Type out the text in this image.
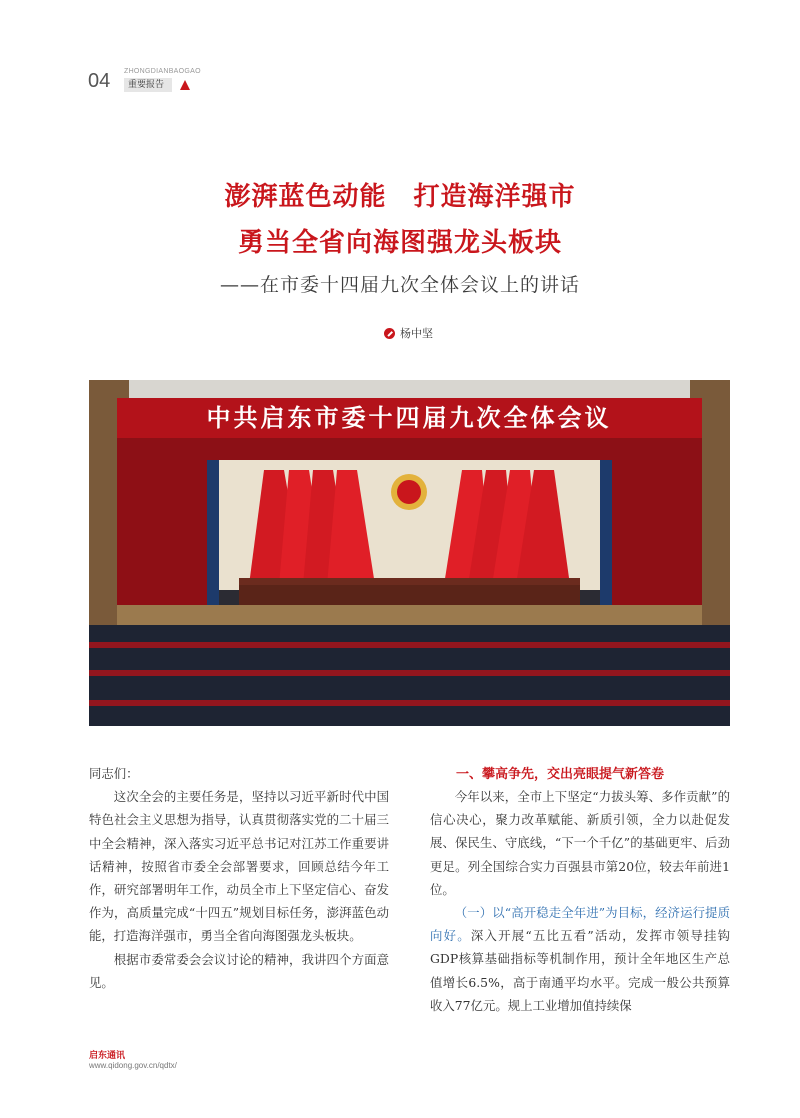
04 ZHONGDIANBAOGAO
重要报告
澎湃蓝色动能　打造海洋强市
勇当全省向海图强龙头板块
——在市委十四届九次全体会议上的讲话
杨中坚
中共启东市委十四届九次全体会议

同志们：

这次全会的主要任务是，坚持以习近平新时代中国特色社会主义思想为指导，认真贯彻落实党的二十届三中全会精神，深入落实习近平总书记对江苏工作重要讲话精神，按照省市委全会部署要求，回顾总结今年工作，研究部署明年工作，动员全市上下坚定信心、奋发作为，高质量完成“十四五”规划目标任务，澎湃蓝色动能，打造海洋强市，勇当全省向海图强龙头板块。

根据市委常委会会议讨论的精神，我讲四个方面意见。

一、攀高争先，交出亮眼提气新答卷

今年以来，全市上下坚定“力拔头筹、多作贡献”的信心决心，聚力改革赋能、新质引领，全力以赴促发展、保民生、守底线，“下一个千亿”的基础更牢、后劲更足。列全国综合实力百强县市第20位，较去年前进1位。

（一）以“高开稳走全年进”为目标，经济运行提质向好。深入开展“五比五看”活动，发挥市领导挂钩GDP核算基础指标等机制作用，预计全年地区生产总值增长6.5%，高于南通平均水平。完成一般公共预算收入77亿元。规上工业增加值持续保

启东通讯
www.qidong.gov.cn/qdtx/
